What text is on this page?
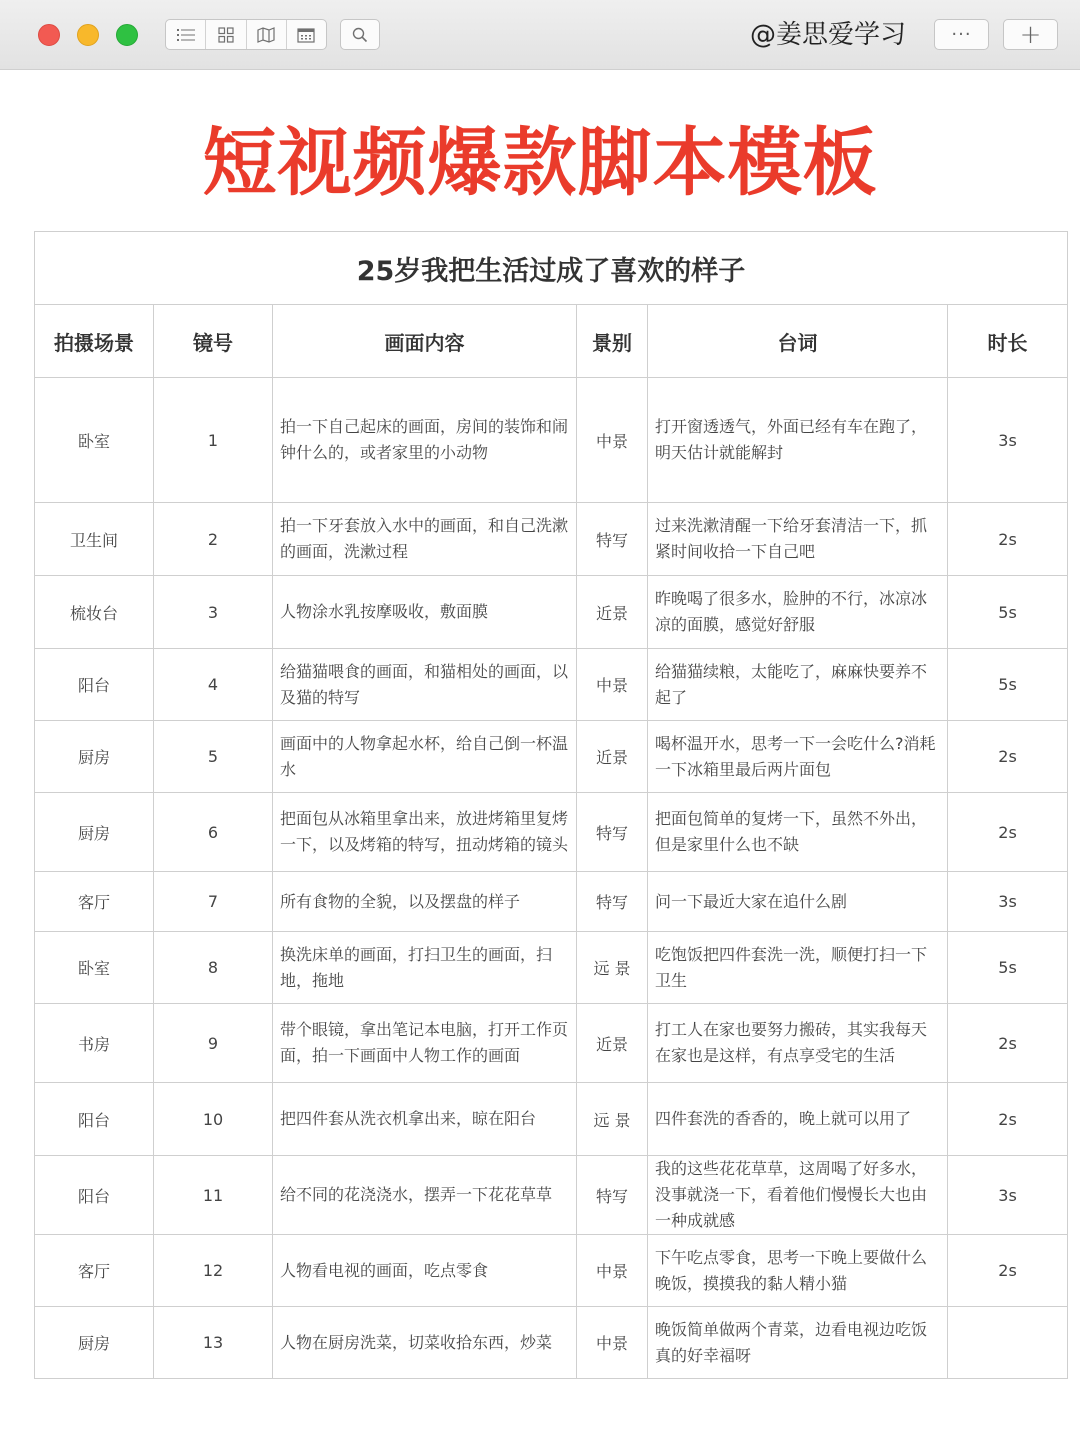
@姜思爱学习	···	+
短视频爆款脚本模板
25岁我把生活过成了喜欢的样子					
拍摄场景	镜号	画面内容	景别	台词	时长
卧室	1	拍一下自己起床的画面，房间的装饰和闹钟什么的，或者家里的小动物	中景	打开窗透透气，外面已经有车在跑了，明天估计就能解封	3s
卫生间	2	拍一下牙套放入水中的画面，和自己洗漱的画面，洗漱过程	特写	过来洗漱清醒一下给牙套清洁一下，抓紧时间收拾一下自己吧	2s
梳妆台	3	人物涂水乳按摩吸收，敷面膜	近景	昨晚喝了很多水，脸肿的不行，冰凉冰凉的面膜，感觉好舒服	5s
阳台	4	给猫猫喂食的画面，和猫相处的画面，以及猫的特写	中景	给猫猫续粮，太能吃了，麻麻快要养不起了	5s
厨房	5	画面中的人物拿起水杯，给自己倒一杯温水	近景	喝杯温开水，思考一下一会吃什么?消耗一下冰箱里最后两片面包	2s
厨房	6	把面包从冰箱里拿出来，放进烤箱里复烤一下，以及烤箱的特写，扭动烤箱的镜头	特写	把面包简单的复烤一下，虽然不外出，但是家里什么也不缺	2s
客厅	7	所有食物的全貌，以及摆盘的样子	特写	问一下最近大家在追什么剧	3s
卧室	8	换洗床单的画面，打扫卫生的画面，扫地，拖地	远 景	吃饱饭把四件套洗一洗，顺便打扫一下卫生	5s
书房	9	带个眼镜，拿出笔记本电脑，打开工作页面，拍一下画面中人物工作的画面	近景	打工人在家也要努力搬砖，其实我每天在家也是这样，有点享受宅的生活	2s
阳台	10	把四件套从洗衣机拿出来，晾在阳台	远 景	四件套洗的香香的，晚上就可以用了	2s
阳台	11	给不同的花浇浇水，摆弄一下花花草草	特写	我的这些花花草草，这周喝了好多水，没事就浇一下，看着他们慢慢长大也由一种成就感	3s
客厅	12	人物看电视的画面，吃点零食	中景	下午吃点零食，思考一下晚上要做什么晚饭，摸摸我的黏人精小猫	2s
厨房	13	人物在厨房洗菜，切菜收拾东西，炒菜	中景	晚饭简单做两个青菜，边看电视边吃饭真的好幸福呀	
